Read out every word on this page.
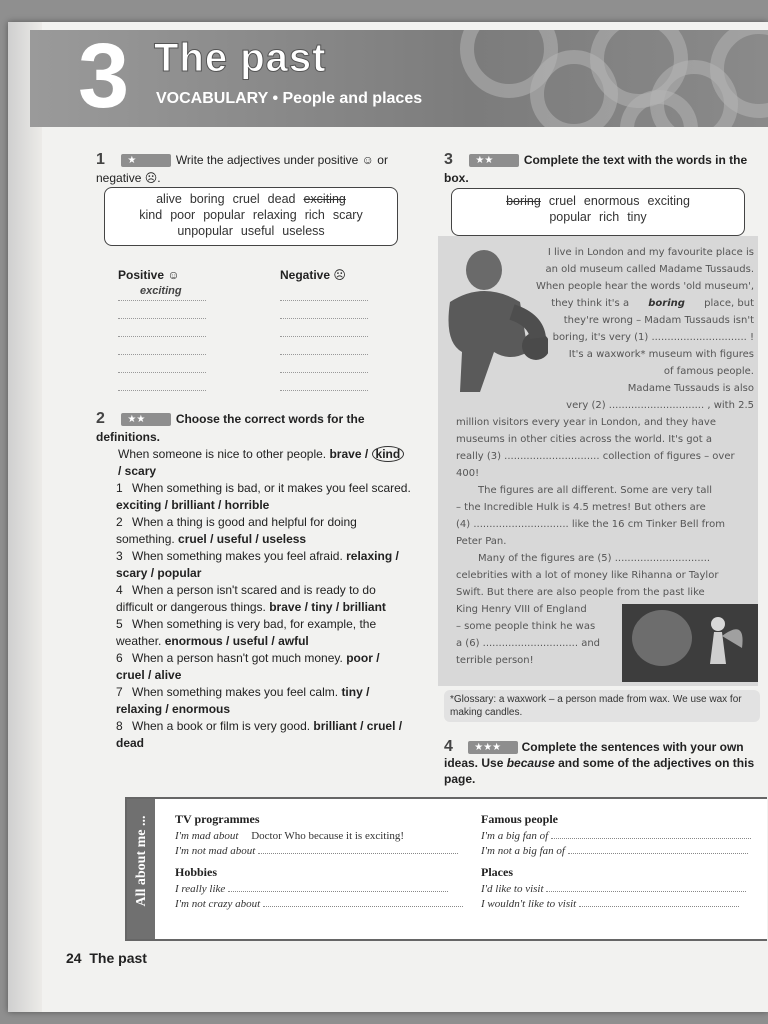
3 The past
VOCABULARY • People and places
1 ★	Write the adjectives under positive ☺ or negative ☹.
alive boring cruel dead exciting
kind poor popular relaxing rich scary
unpopular useful useless
Positive ☺	Negative ☹
exciting
2 ★★	Choose the correct words for the definitions.
When someone is nice to other people. brave / kind / scary
1 When something is bad, or it makes you feel scared. exciting / brilliant / horrible
2 When a thing is good and helpful for doing something. cruel / useful / useless
3 When something makes you feel afraid. relaxing / scary / popular
4 When a person isn't scared and is ready to do difficult or dangerous things. brave / tiny / brilliant
5 When something is very bad, for example, the weather. enormous / useful / awful
6 When a person hasn't got much money. poor / cruel / alive
7 When something makes you feel calm. tiny / relaxing / enormous
8 When a book or film is very good. brilliant / cruel / dead
3 ★★	Complete the text with the words in the box.
boring cruel enormous exciting
popular rich tiny
I live in London and my favourite place is
an old museum called Madame Tussauds.
When people hear the words 'old museum',
they think it's a boring place, but
they're wrong – Madam Tussauds isn't
boring, it's very (1) .............................. !
It's a waxwork* museum with figures
of famous people.
Madame Tussauds is also
very (2) .............................. , with 2.5
million visitors every year in London, and they have
museums in other cities across the world. It's got a
really (3) .............................. collection of figures – over
400!
The figures are all different. Some are very tall
– the Incredible Hulk is 4.5 metres! But others are
(4) .............................. like the 16 cm Tinker Bell from
Peter Pan.
Many of the figures are (5) ..............................
celebrities with a lot of money like Rihanna or Taylor
Swift. But there are also people from the past like
King Henry VIII of England
– some people think he was
a (6) .............................. and
terrible person!
*Glossary: a waxwork – a person made from wax. We use wax for making candles.
4 ★★★ Complete the sentences with your own ideas. Use because and some of the adjectives on this page.
All about me ... TV programmes
I'm mad about Doctor Who because it is exciting!
I'm not mad about
Hobbies
I really like
I'm not crazy about
Famous people
I'm a big fan of
I'm not a big fan of
Places
I'd like to visit
I wouldn't like to visit
24 The past
